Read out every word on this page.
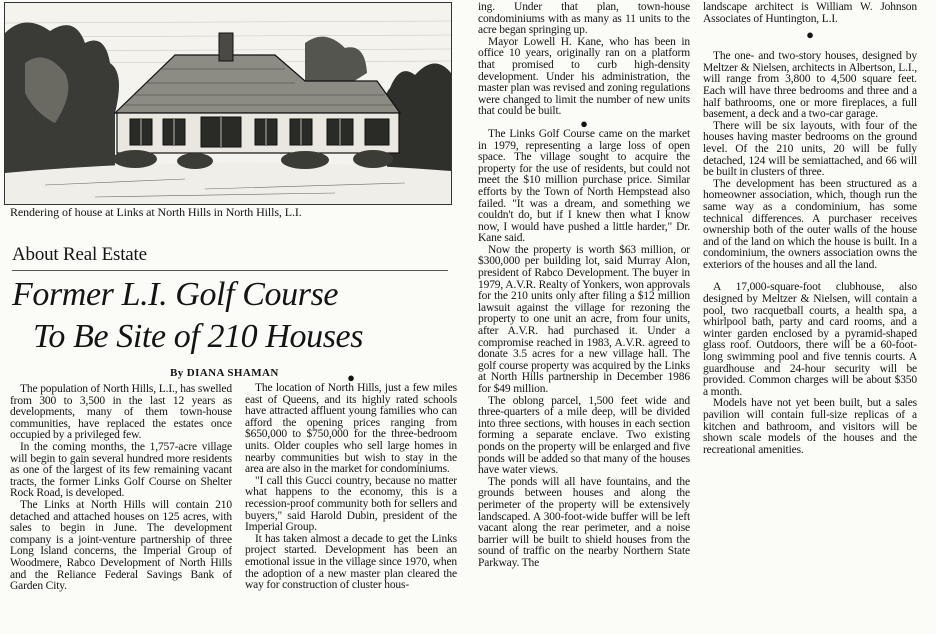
Rendering of house at Links at North Hills in North Hills, L.I.
About Real Estate
Former L.I. Golf Course
To Be Site of 210 Houses
By DIANA SHAMAN

The population of North Hills, L.I., has swelled from 300 to 3,500 in the last 12 years as developments, many of them town-house communities, have replaced the estates once occupied by a privileged few.

In the coming months, the 1,757-acre village will begin to gain several hundred more residents as one of the largest of its few remaining vacant tracts, the former Links Golf Course on Shelter Rock Road, is developed.

The Links at North Hills will contain 210 detached and attached houses on 125 acres, with sales to begin in June. The development company is a joint-venture partnership of three Long Island concerns, the Imperial Group of Woodmere, Rabco Development of North Hills and the Reliance Federal Savings Bank of Garden City.

●

The location of North Hills, just a few miles east of Queens, and its highly rated schools have attracted affluent young families who can afford the opening prices ranging from $650,000 to $750,000 for the three-bedroom units. Older couples who sell large homes in nearby communities but wish to stay in the area are also in the market for condominiums.

"I call this Gucci country, because no matter what happens to the economy, this is a recession-proof community both for sellers and buyers," said Harold Dubin, president of the Imperial Group.

It has taken almost a decade to get the Links project started. Development has been an emotional issue in the village since 1970, when the adoption of a new master plan cleared the way for construction of cluster hous-

ing. Under that plan, town-house condominiums with as many as 11 units to the acre began springing up.

Mayor Lowell H. Kane, who has been in office 10 years, originally ran on a platform that promised to curb high-density development. Under his administration, the master plan was revised and zoning regulations were changed to limit the number of new units that could be built.

●

The Links Golf Course came on the market in 1979, representing a large loss of open space. The village sought to acquire the property for the use of residents, but could not meet the $10 million purchase price. Similar efforts by the Town of North Hempstead also failed. "It was a dream, and something we couldn't do, but if I knew then what I know now, I would have pushed a little harder," Dr. Kane said.

Now the property is worth $63 million, or $300,000 per building lot, said Murray Alon, president of Rabco Development. The buyer in 1979, A.V.R. Realty of Yonkers, won approvals for the 210 units only after filing a $12 million lawsuit against the village for rezoning the property to one unit an acre, from four units, after A.V.R. had purchased it. Under a compromise reached in 1983, A.V.R. agreed to donate 3.5 acres for a new village hall. The golf course property was acquired by the Links at North Hills partnership in December 1986 for $49 million.

The oblong parcel, 1,500 feet wide and three-quarters of a mile deep, will be divided into three sections, with houses in each section forming a separate enclave. Two existing ponds on the property will be enlarged and five ponds will be added so that many of the houses have water views.

The ponds will all have fountains, and the grounds between houses and along the perimeter of the property will be extensively landscaped. A 300-foot-wide buffer will be left vacant along the rear perimeter, and a noise barrier will be built to shield houses from the sound of traffic on the nearby Northern State Parkway. The

landscape architect is William W. Johnson Associates of Huntington, L.I.

●

The one- and two-story houses, designed by Meltzer & Nielsen, architects in Albertson, L.I., will range from 3,800 to 4,500 square feet. Each will have three bedrooms and three and a half bathrooms, one or more fireplaces, a full basement, a deck and a two-car garage.

There will be six layouts, with four of the houses having master bedrooms on the ground level. Of the 210 units, 20 will be fully detached, 124 will be semiattached, and 66 will be built in clusters of three.

The development has been structured as a homeowner association, which, though run the same way as a condominium, has some technical differences. A purchaser receives ownership both of the outer walls of the house and of the land on which the house is built. In a condominium, the owners association owns the exteriors of the houses and all the land.

A 17,000-square-foot clubhouse, also designed by Meltzer & Nielsen, will contain a pool, two racquetball courts, a health spa, a whirlpool bath, party and card rooms, and a winter garden enclosed by a pyramid-shaped glass roof. Outdoors, there will be a 60-foot-long swimming pool and five tennis courts. A guardhouse and 24-hour security will be provided. Common charges will be about $350 a month.

Models have not yet been built, but a sales pavilion will contain full-size replicas of a kitchen and bathroom, and visitors will be shown scale models of the houses and the recreational amenities.
